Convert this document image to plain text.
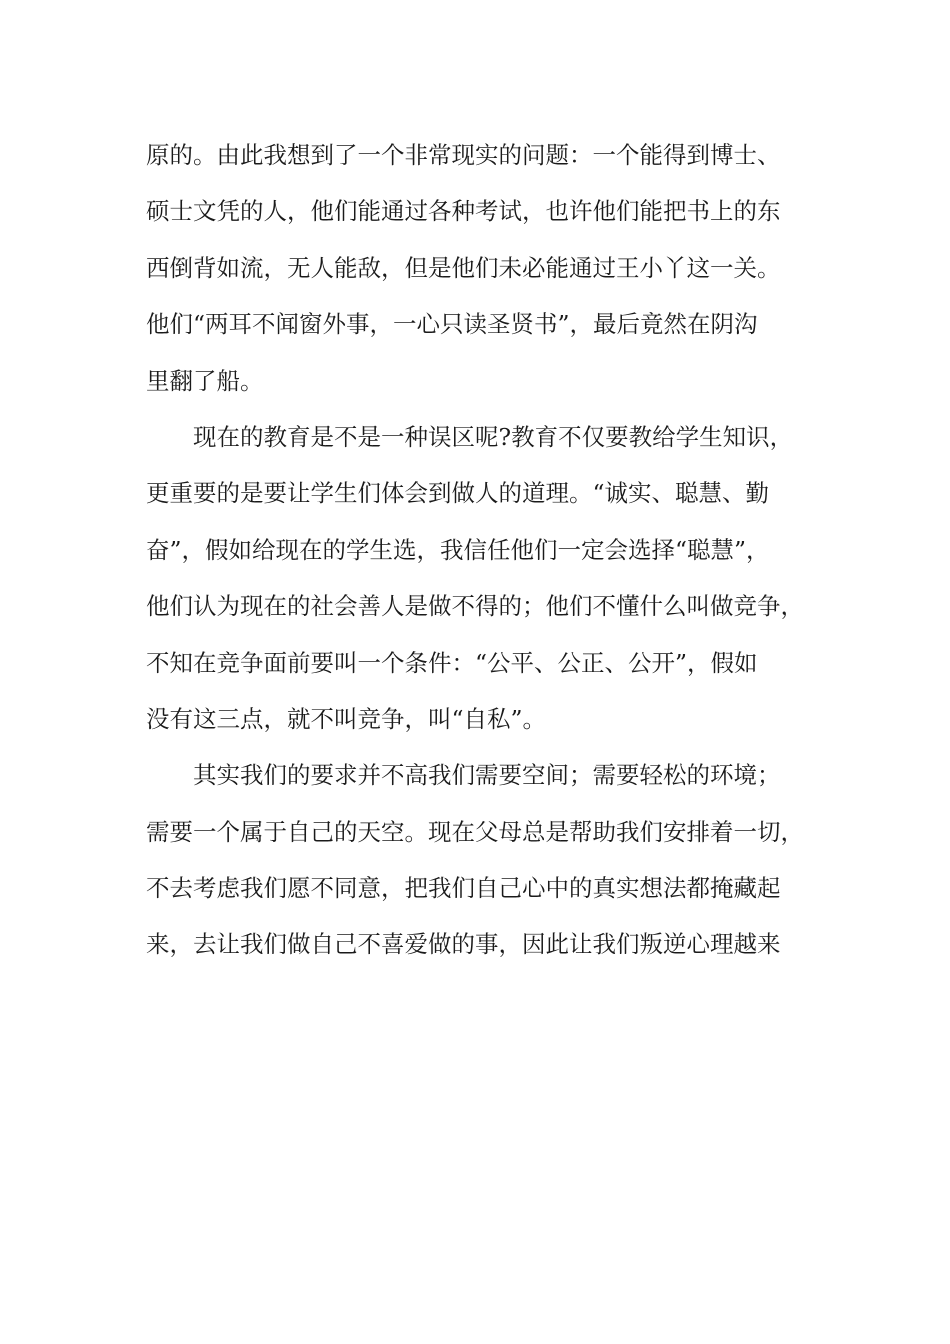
原的。由此我想到了一个非常现实的问题：一个能得到博士、
硕士文凭的人，他们能通过各种考试，也许他们能把书上的东
西倒背如流，无人能敌，但是他们未必能通过王小丫这一关。
他们“两耳不闻窗外事，一心只读圣贤书”，最后竟然在阴沟
里翻了船。
现在的教育是不是一种误区呢?教育不仅要教给学生知识，
更重要的是要让学生们体会到做人的道理。“诚实、聪慧、勤
奋”，假如给现在的学生选，我信任他们一定会选择“聪慧”，
他们认为现在的社会善人是做不得的；他们不懂什么叫做竞争，
不知在竞争面前要叫一个条件：“公平、公正、公开”，假如
没有这三点，就不叫竞争，叫“自私”。
其实我们的要求并不高我们需要空间；需要轻松的环境；
需要一个属于自己的天空。现在父母总是帮助我们安排着一切，
不去考虑我们愿不同意，把我们自己心中的真实想法都掩藏起
来，去让我们做自己不喜爱做的事，因此让我们叛逆心理越来
